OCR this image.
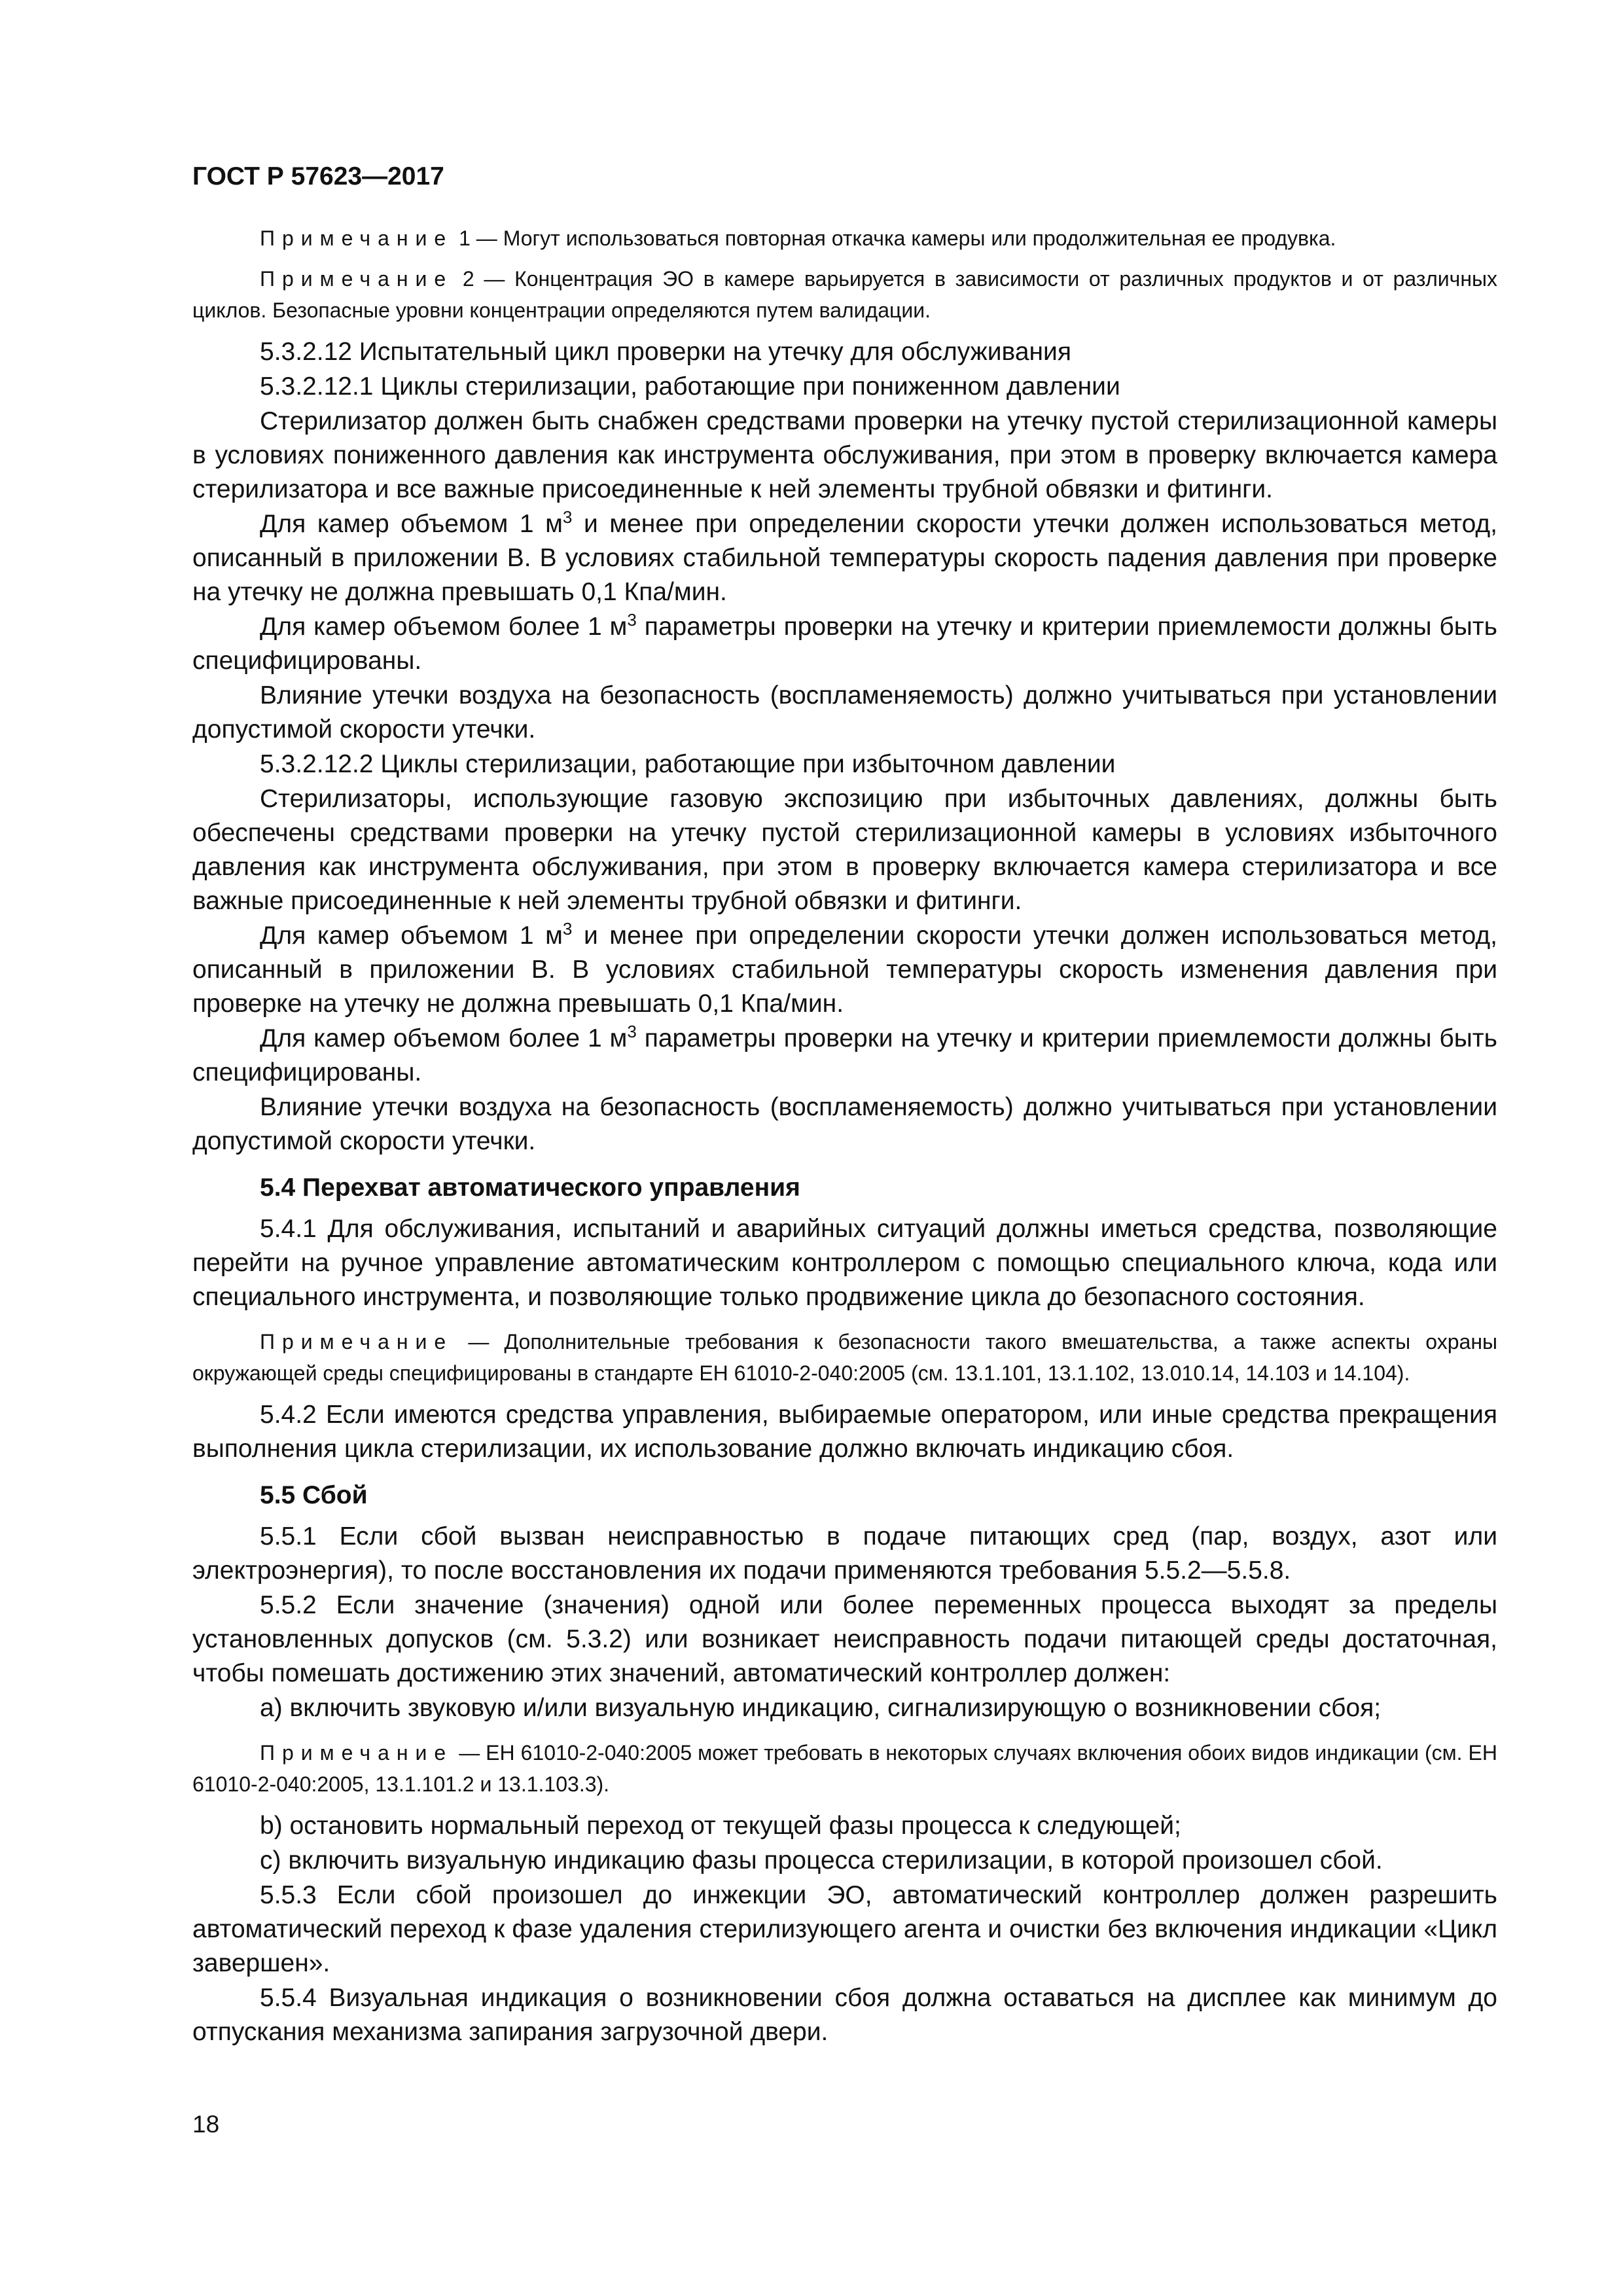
ГОСТ Р 57623—2017

Примечание 1 — Могут использоваться повторная откачка камеры или продолжительная ее продувка.

Примечание 2 — Концентрация ЭО в камере варьируется в зависимости от различных продуктов и от различных циклов. Безопасные уровни концентрации определяются путем валидации.

5.3.2.12 Испытательный цикл проверки на утечку для обслуживания

5.3.2.12.1 Циклы стерилизации, работающие при пониженном давлении

Стерилизатор должен быть снабжен средствами проверки на утечку пустой стерилизационной камеры в условиях пониженного давления как инструмента обслуживания, при этом в проверку включается камера стерилизатора и все важные присоединенные к ней элементы трубной обвязки и фитинги.

Для камер объемом 1 $м^3$ и менее при определении скорости утечки должен использоваться метод, описанный в приложении В. В условиях стабильной температуры скорость падения давления при проверке на утечку не должна превышать 0,1 Кпа/мин.

Для камер объемом более 1 $м^3$ параметры проверки на утечку и критерии приемлемости должны быть специфицированы.

Влияние утечки воздуха на безопасность (воспламеняемость) должно учитываться при установлении допустимой скорости утечки.

5.3.2.12.2 Циклы стерилизации, работающие при избыточном давлении

Стерилизаторы, использующие газовую экспозицию при избыточных давлениях, должны быть обеспечены средствами проверки на утечку пустой стерилизационной камеры в условиях избыточного давления как инструмента обслуживания, при этом в проверку включается камера стерилизатора и все важные присоединенные к ней элементы трубной обвязки и фитинги.

Для камер объемом 1 $м^3$ и менее при определении скорости утечки должен использоваться метод, описанный в приложении В. В условиях стабильной температуры скорость изменения давления при проверке на утечку не должна превышать 0,1 Кпа/мин.

Для камер объемом более 1 $м^3$ параметры проверки на утечку и критерии приемлемости должны быть специфицированы.

Влияние утечки воздуха на безопасность (воспламеняемость) должно учитываться при установлении допустимой скорости утечки.

5.4 Перехват автоматического управления

5.4.1 Для обслуживания, испытаний и аварийных ситуаций должны иметься средства, позволяющие перейти на ручное управление автоматическим контроллером с помощью специального ключа, кода или специального инструмента, и позволяющие только продвижение цикла до безопасного состояния.

Примечание — Дополнительные требования к безопасности такого вмешательства, а также аспекты охраны окружающей среды специфицированы в стандарте ЕН 61010-2-040:2005 (см. 13.1.101, 13.1.102, 13.010.14, 14.103 и 14.104).

5.4.2 Если имеются средства управления, выбираемые оператором, или иные средства прекращения выполнения цикла стерилизации, их использование должно включать индикацию сбоя.

5.5 Сбой

5.5.1 Если сбой вызван неисправностью в подаче питающих сред (пар, воздух, азот или электроэнергия), то после восстановления их подачи применяются требования 5.5.2—5.5.8.

5.5.2 Если значение (значения) одной или более переменных процесса выходят за пределы установленных допусков (см. 5.3.2) или возникает неисправность подачи питающей среды достаточная, чтобы помешать достижению этих значений, автоматический контроллер должен:

а) включить звуковую и/или визуальную индикацию, сигнализирующую о возникновении сбоя;

Примечание — ЕН 61010-2-040:2005 может требовать в некоторых случаях включения обоих видов индикации (см. ЕН 61010-2-040:2005, 13.1.101.2 и 13.1.103.3).

b) остановить нормальный переход от текущей фазы процесса к следующей;

с) включить визуальную индикацию фазы процесса стерилизации, в которой произошел сбой.

5.5.3 Если сбой произошел до инжекции ЭО, автоматический контроллер должен разрешить автоматический переход к фазе удаления стерилизующего агента и очистки без включения индикации «Цикл завершен».

5.5.4 Визуальная индикация о возникновении сбоя должна оставаться на дисплее как минимум до отпускания механизма запирания загрузочной двери.

18
